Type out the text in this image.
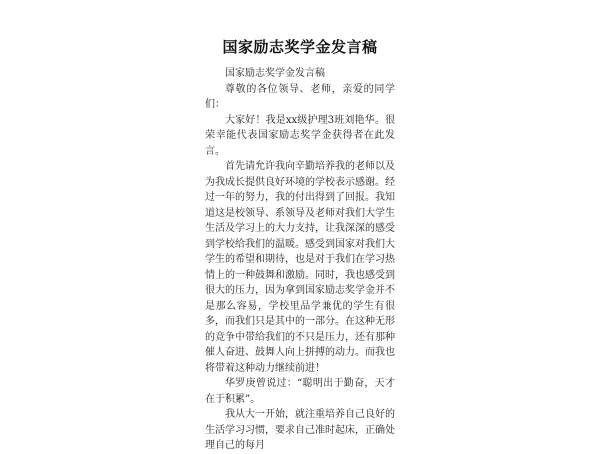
国家励志奖学金发言稿

国家励志奖学金发言稿

尊敬的各位领导、老师，亲爱的同学们：

大家好！我是xx级护理3班刘艳华。很荣幸能代表国家励志奖学金获得者在此发言。

首先请允许我向辛勤培养我的老师以及为我成长提供良好环境的学校表示感谢。经过一年的努力，我的付出得到了回报。我知道这是校领导、系领导及老师对我们大学生生活及学习上的大力支持，让我深深的感受到学校给我们的温暖。感受到国家对我们大学生的希望和期待，也是对于我们在学习热情上的一种鼓舞和激励。同时，我也感受到很大的压力，因为拿到国家励志奖学金并不是那么容易，学校里品学兼优的学生有很多，而我们只是其中的一部分。在这种无形的竞争中带给我们的不只是压力，还有那种催人奋进、鼓舞人向上拼搏的动力。而我也将带着这种动力继续前进！

华罗庚曾说过：“聪明出于勤奋，天才在于积累”。

我从大一开始，就注重培养自己良好的生活学习习惯，要求自己准时起床，正确处理自己的每月
